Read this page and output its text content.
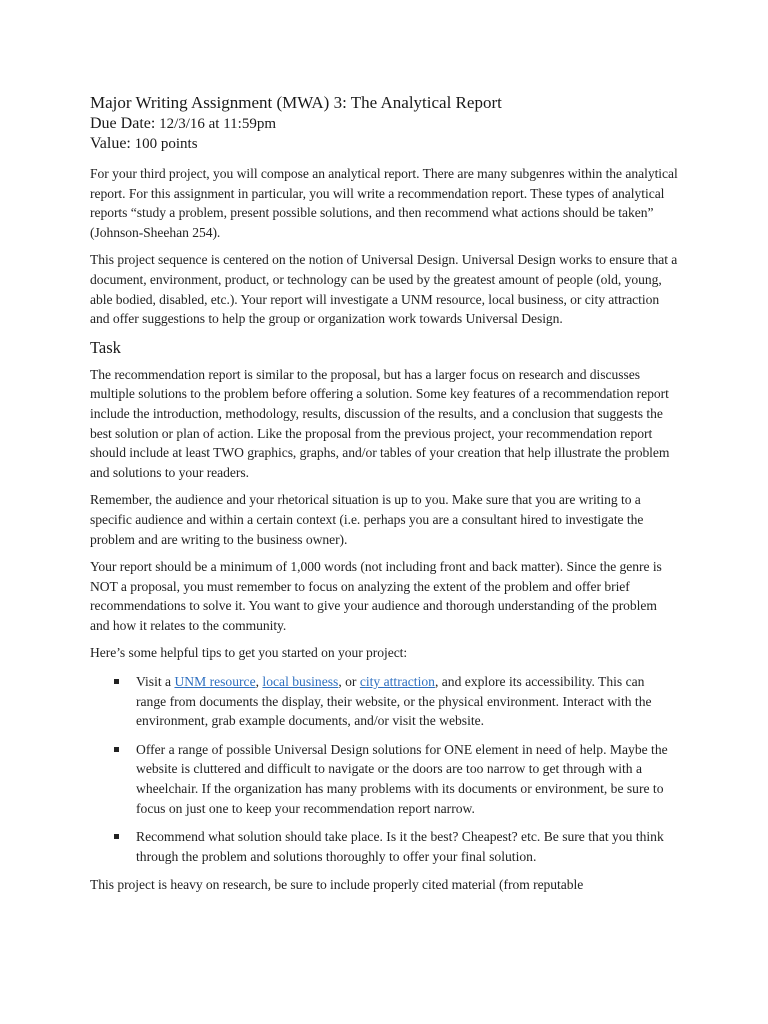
Major Writing Assignment (MWA) 3: The Analytical Report
Due Date: 12/3/16 at 11:59pm
Value: 100 points

For your third project, you will compose an analytical report. There are many subgenres within the analytical report. For this assignment in particular, you will write a recommendation report. These types of analytical reports “study a problem, present possible solutions, and then recommend what actions should be taken” (Johnson-Sheehan 254).

This project sequence is centered on the notion of Universal Design. Universal Design works to ensure that a document, environment, product, or technology can be used by the greatest amount of people (old, young, able bodied, disabled, etc.). Your report will investigate a UNM resource, local business, or city attraction and offer suggestions to help the group or organization work towards Universal Design.

Task

The recommendation report is similar to the proposal, but has a larger focus on research and discusses multiple solutions to the problem before offering a solution. Some key features of a recommendation report include the introduction, methodology, results, discussion of the results, and a conclusion that suggests the best solution or plan of action. Like the proposal from the previous project, your recommendation report should include at least TWO graphics, graphs, and/or tables of your creation that help illustrate the problem and solutions to your readers.

Remember, the audience and your rhetorical situation is up to you. Make sure that you are writing to a specific audience and within a certain context (i.e. perhaps you are a consultant hired to investigate the problem and are writing to the business owner).

Your report should be a minimum of 1,000 words (not including front and back matter). Since the genre is NOT a proposal, you must remember to focus on analyzing the extent of the problem and offer brief recommendations to solve it. You want to give your audience and thorough understanding of the problem and how it relates to the community.

Here’s some helpful tips to get you started on your project:

Visit a UNM resource, local business, or city attraction, and explore its accessibility. This can range from documents the display, their website, or the physical environment. Interact with the environment, grab example documents, and/or visit the website.
Offer a range of possible Universal Design solutions for ONE element in need of help. Maybe the website is cluttered and difficult to navigate or the doors are too narrow to get through with a wheelchair. If the organization has many problems with its documents or environment, be sure to focus on just one to keep your recommendation report narrow.
Recommend what solution should take place. Is it the best? Cheapest? etc. Be sure that you think through the problem and solutions thoroughly to offer your final solution.

This project is heavy on research, be sure to include properly cited material (from reputable
